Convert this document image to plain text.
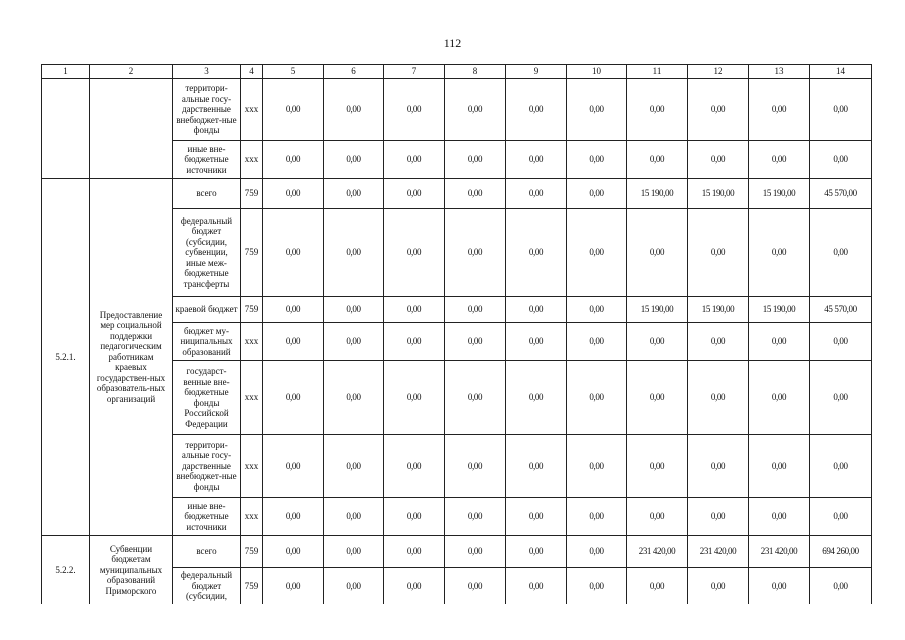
112
1	2	3	4	5	6	7	8	9	10	11	12	13	14
		территори-альные госу-дарственные внебюджет-ные фонды	xxx	0,00	0,00	0,00	0,00	0,00	0,00	0,00	0,00	0,00	0,00
		иные вне-бюджетные источники	xxx	0,00	0,00	0,00	0,00	0,00	0,00	0,00	0,00	0,00	0,00
5.2.1.	Предоставление мер социальной поддержки педагогическим работникам краевых государствен-ных образователь-ных организаций	всего	759	0,00	0,00	0,00	0,00	0,00	0,00	15 190,00	15 190,00	15 190,00	45 570,00
		федеральный бюджет (субсидии, субвенции, иные меж-бюджетные трансферты	759	0,00	0,00	0,00	0,00	0,00	0,00	0,00	0,00	0,00	0,00
		краевой бюджет	759	0,00	0,00	0,00	0,00	0,00	0,00	15 190,00	15 190,00	15 190,00	45 570,00
		бюджет му-ниципальных образований	xxx	0,00	0,00	0,00	0,00	0,00	0,00	0,00	0,00	0,00	0,00
		государст-венные вне-бюджетные фонды Российской Федерации	xxx	0,00	0,00	0,00	0,00	0,00	0,00	0,00	0,00	0,00	0,00
		территори-альные госу-дарственные внебюджет-ные фонды	xxx	0,00	0,00	0,00	0,00	0,00	0,00	0,00	0,00	0,00	0,00
		иные вне-бюджетные источники	xxx	0,00	0,00	0,00	0,00	0,00	0,00	0,00	0,00	0,00	0,00
5.2.2.	Субвенции бюджетам муниципальных образований Приморского	всего	759	0,00	0,00	0,00	0,00	0,00	0,00	231 420,00	231 420,00	231 420,00	694 260,00
		федеральный бюджет (субсидии,	759	0,00	0,00	0,00	0,00	0,00	0,00	0,00	0,00	0,00	0,00
